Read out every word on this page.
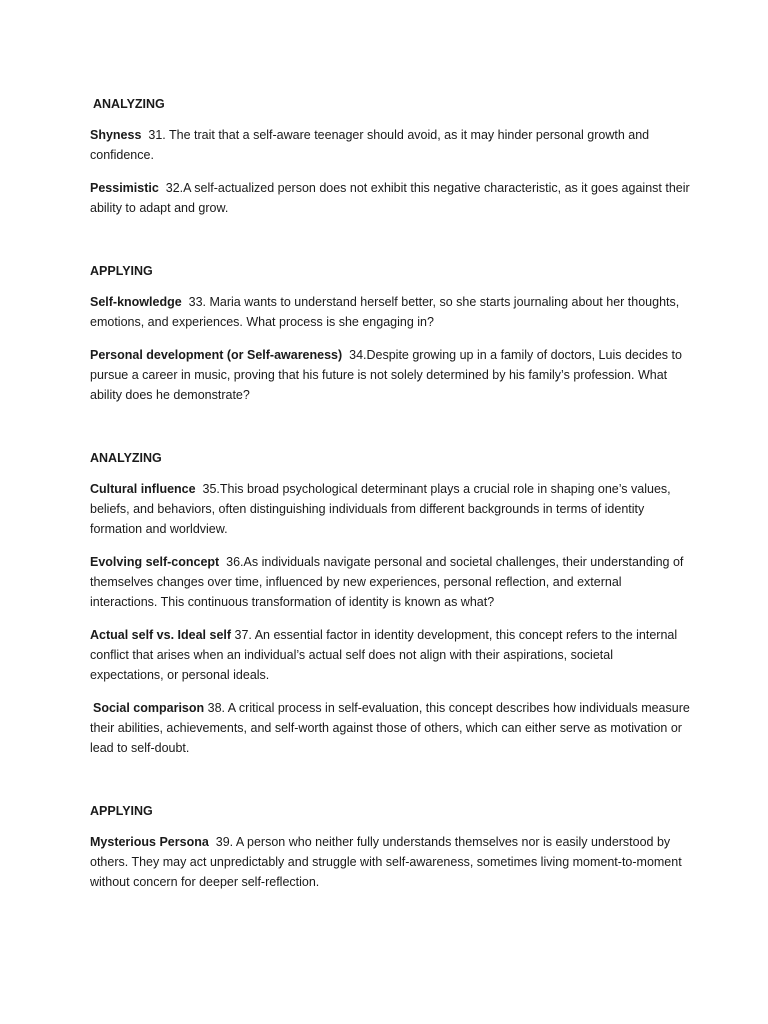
ANALYZING
Shyness 31. The trait that a self-aware teenager should avoid, as it may hinder personal growth and confidence.
Pessimistic 32.A self-actualized person does not exhibit this negative characteristic, as it goes against their ability to adapt and grow.
APPLYING
Self-knowledge 33. Maria wants to understand herself better, so she starts journaling about her thoughts, emotions, and experiences. What process is she engaging in?
Personal development (or Self-awareness) 34.Despite growing up in a family of doctors, Luis decides to pursue a career in music, proving that his future is not solely determined by his family’s profession. What ability does he demonstrate?
ANALYZING
Cultural influence 35.This broad psychological determinant plays a crucial role in shaping one’s values, beliefs, and behaviors, often distinguishing individuals from different backgrounds in terms of identity formation and worldview.
Evolving self-concept 36.As individuals navigate personal and societal challenges, their understanding of themselves changes over time, influenced by new experiences, personal reflection, and external interactions. This continuous transformation of identity is known as what?
Actual self vs. Ideal self 37. An essential factor in identity development, this concept refers to the internal conflict that arises when an individual’s actual self does not align with their aspirations, societal expectations, or personal ideals.
Social comparison 38. A critical process in self-evaluation, this concept describes how individuals measure their abilities, achievements, and self-worth against those of others, which can either serve as motivation or lead to self-doubt.
APPLYING
Mysterious Persona 39. A person who neither fully understands themselves nor is easily understood by others. They may act unpredictably and struggle with self-awareness, sometimes living moment-to-moment without concern for deeper self-reflection.
